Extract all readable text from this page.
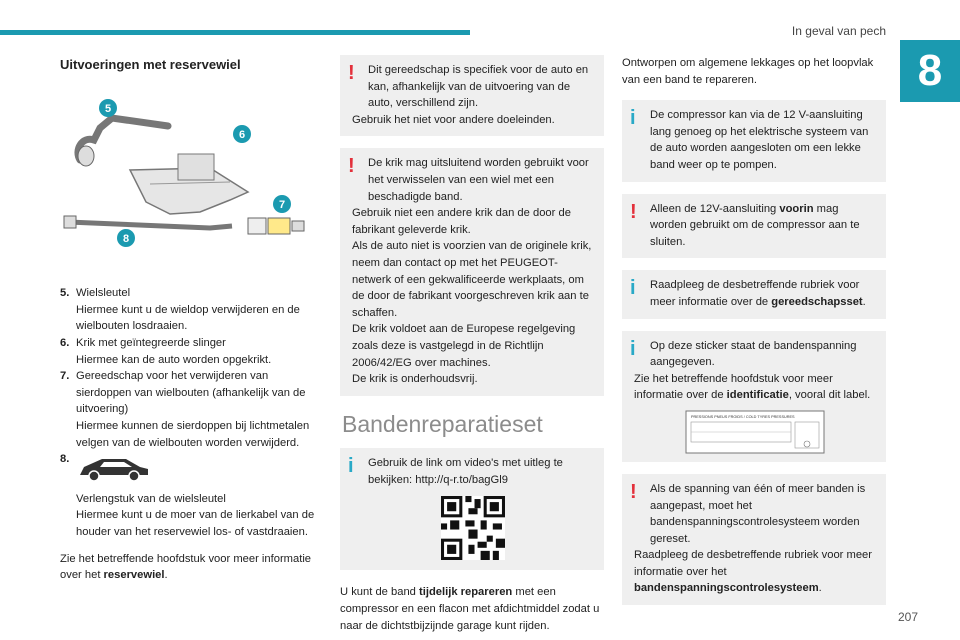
In geval van pech
8
207
Uitvoeringen met reservewiel
5
6
7
8
5. Wielsleutel

Hiermee kunt u de wieldop verwijderen en de wielbouten losdraaien.

6. Krik met geïntegreerde slinger

Hiermee kan de auto worden opgekrikt.

7. Gereedschap voor het verwijderen van sierdoppen van wielbouten (afhankelijk van de uitvoering)

Hiermee kunnen de sierdoppen bij lichtmetalen velgen van de wielbouten worden verwijderd.

8.

Verlengstuk van de wielsleutel

Hiermee kunt u de moer van de lierkabel van de houder van het reservewiel los- of vastdraaien.

Zie het betreffende hoofdstuk voor meer informatie over het reservewiel.

!	Dit gereedschap is specifiek voor de auto en kan, afhankelijk van de uitvoering van de auto, verschillend zijn.

Gebruik het niet voor andere doeleinden.

!	De krik mag uitsluitend worden gebruikt voor het verwisselen van een wiel met een beschadigde band.

Gebruik niet een andere krik dan de door de fabrikant geleverde krik.

Als de auto niet is voorzien van de originele krik, neem dan contact op met het PEUGEOT-netwerk of een gekwalificeerde werkplaats, om de door de fabrikant voorgeschreven krik aan te schaffen.

De krik voldoet aan de Europese regelgeving zoals deze is vastgelegd in de Richtlijn 2006/42/EG over machines.

De krik is onderhoudsvrij.

Bandenreparatieset
i	Gebruik de link om video's met uitleg te bekijken: http://q-r.to/bagGl9

U kunt de band tijdelijk repareren met een compressor en een flacon met afdichtmiddel zodat u naar de dichtstbijzijnde garage kunt rijden.

Ontworpen om algemene lekkages op het loopvlak van een band te repareren.

i	De compressor kan via de 12 V-aansluiting lang genoeg op het elektrische systeem van de auto worden aangesloten om een lekke band weer op te pompen.

!	Alleen de 12V-aansluiting voorin mag worden gebruikt om de compressor aan te sluiten.

i	Raadpleeg de desbetreffende rubriek voor meer informatie over de gereedschapsset.

i	Op deze sticker staat de bandenspanning aangegeven.

Zie het betreffende hoofdstuk voor meer informatie over de identificatie, vooral dit label.

PRESSIONS PNEUS FROIDS / COLD TYRES PRESSURES
!	Als de spanning van één of meer banden is aangepast, moet het bandenspanningscontrolesysteem worden gereset.

Raadpleeg de desbetreffende rubriek voor meer informatie over het

bandenspanningscontrolesysteem.
